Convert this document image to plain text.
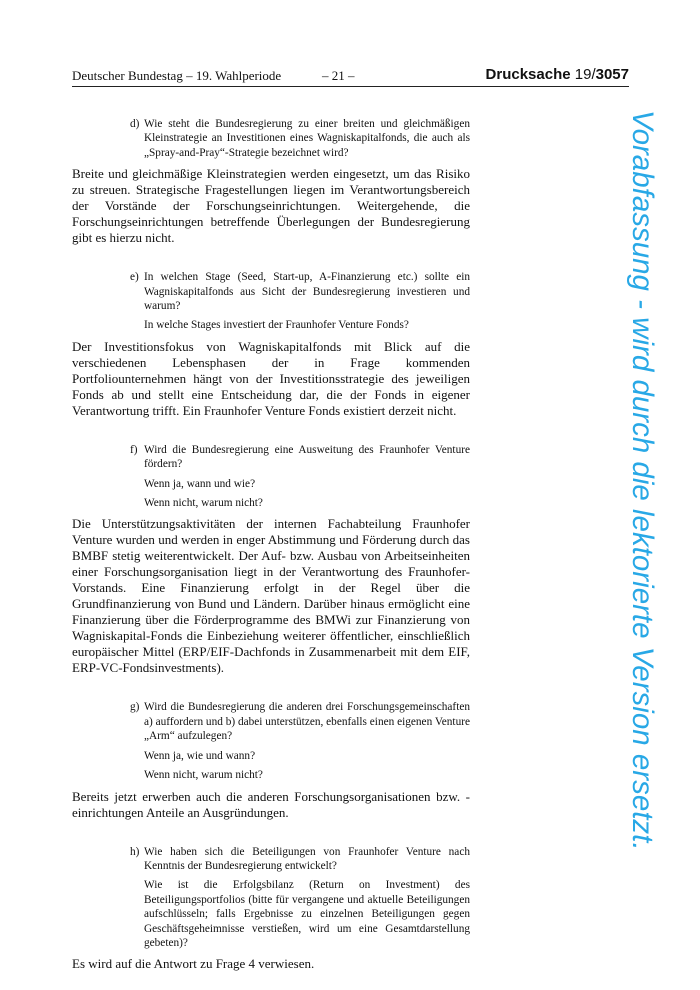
Deutscher Bundestag – 19. Wahlperiode	– 21 –	Drucksache 19/3057
d) Wie steht die Bundesregierung zu einer breiten und gleichmäßigen Kleinstrategie an Investitionen eines Wagniskapitalfonds, die auch als „Spray-and-Pray“-Strategie bezeichnet wird?

Breite und gleichmäßige Kleinstrategien werden eingesetzt, um das Risiko zu streuen. Strategische Fragestellungen liegen im Verantwortungsbereich der Vorstände der Forschungseinrichtungen. Weitergehende, die Forschungseinrichtungen betreffende Überlegungen der Bundesregierung gibt es hierzu nicht.

e) In welchen Stage (Seed, Start-up, A-Finanzierung etc.) sollte ein Wagniskapitalfonds aus Sicht der Bundesregierung investieren und warum?

In welche Stages investiert der Fraunhofer Venture Fonds?

Der Investitionsfokus von Wagniskapitalfonds mit Blick auf die verschiedenen Lebensphasen der in Frage kommenden Portfoliounternehmen hängt von der Investitionsstrategie des jeweiligen Fonds ab und stellt eine Entscheidung dar, die der Fonds in eigener Verantwortung trifft. Ein Fraunhofer Venture Fonds existiert derzeit nicht.

f) Wird die Bundesregierung eine Ausweitung des Fraunhofer Venture fördern?

Wenn ja, wann und wie?

Wenn nicht, warum nicht?

Die Unterstützungsaktivitäten der internen Fachabteilung Fraunhofer Venture wurden und werden in enger Abstimmung und Förderung durch das BMBF stetig weiterentwickelt. Der Auf- bzw. Ausbau von Arbeitseinheiten einer Forschungsorganisation liegt in der Verantwortung des Fraunhofer-Vorstands. Eine Finanzierung erfolgt in der Regel über die Grundfinanzierung von Bund und Ländern. Darüber hinaus ermöglicht eine Finanzierung über die Förderprogramme des BMWi zur Finanzierung von Wagniskapital-Fonds die Einbeziehung weiterer öffentlicher, einschließlich europäischer Mittel (ERP/EIF-Dachfonds in Zusammenarbeit mit dem EIF, ERP-VC-Fondsinvestments).

g) Wird die Bundesregierung die anderen drei Forschungsgemeinschaften a) auffordern und b) dabei unterstützen, ebenfalls einen eigenen Venture „Arm“ aufzulegen?

Wenn ja, wie und wann?

Wenn nicht, warum nicht?

Bereits jetzt erwerben auch die anderen Forschungsorganisationen bzw. -einrichtungen Anteile an Ausgründungen.

h) Wie haben sich die Beteiligungen von Fraunhofer Venture nach Kenntnis der Bundesregierung entwickelt?

Wie ist die Erfolgsbilanz (Return on Investment) des Beteiligungsportfolios (bitte für vergangene und aktuelle Beteiligungen aufschlüsseln; falls Ergebnisse zu einzelnen Beteiligungen gegen Geschäftsgeheimnisse verstießen, wird um eine Gesamtdarstellung gebeten)?

Es wird auf die Antwort zu Frage 4 verwiesen.

Vorabfassung - wird durch die lektorierte Version ersetzt.
